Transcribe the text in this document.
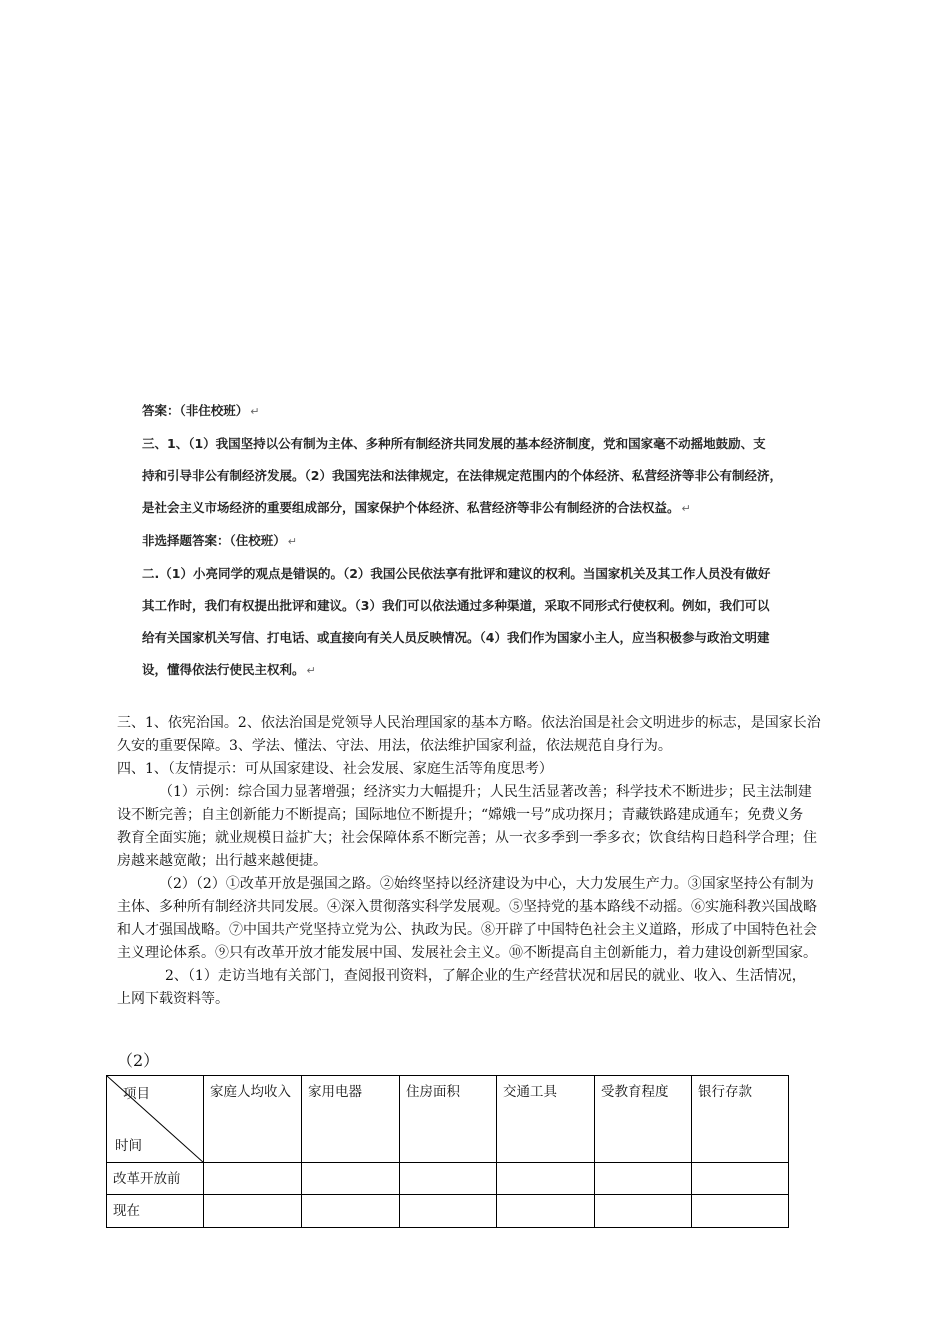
答案：（非住校班） ↵

三、1、（1）我国坚持以公有制为主体、多种所有制经济共同发展的基本经济制度，党和国家毫不动摇地鼓励、支

持和引导非公有制经济发展。（2）我国宪法和法律规定，在法律规定范围内的个体经济、私营经济等非公有制经济，

是社会主义市场经济的重要组成部分，国家保护个体经济、私营经济等非公有制经济的合法权益。 ↵

非选择题答案：（住校班） ↵

二.（1）小亮同学的观点是错误的。（2）我国公民依法享有批评和建议的权利。当国家机关及其工作人员没有做好

其工作时，我们有权提出批评和建议。（3）我们可以依法通过多种渠道，采取不同形式行使权利。例如，我们可以

给有关国家机关写信、打电话、或直接向有关人员反映情况。（4）我们作为国家小主人，应当积极参与政治文明建

设，懂得依法行使民主权利。 ↵

三、1、依宪治国。2、依法治国是党领导人民治理国家的基本方略。依法治国是社会文明进步的标志，是国家长治

久安的重要保障。3、学法、懂法、守法、用法，依法维护国家利益，依法规范自身行为。

四、1、（友情提示：可从国家建设、社会发展、家庭生活等角度思考）

（1）示例：综合国力显著增强；经济实力大幅提升；人民生活显著改善；科学技术不断进步；民主法制建

设不断完善；自主创新能力不断提高；国际地位不断提升；“嫦娥一号”成功探月；青藏铁路建成通车；免费义务

教育全面实施；就业规模日益扩大；社会保障体系不断完善；从一衣多季到一季多衣；饮食结构日趋科学合理；住

房越来越宽敞；出行越来越便捷。

（2）（2）①改革开放是强国之路。②始终坚持以经济建设为中心，大力发展生产力。③国家坚持公有制为

主体、多种所有制经济共同发展。④深入贯彻落实科学发展观。⑤坚持党的基本路线不动摇。⑥实施科教兴国战略

和人才强国战略。⑦中国共产党坚持立党为公、执政为民。⑧开辟了中国特色社会主义道路，形成了中国特色社会

主义理论体系。⑨只有改革开放才能发展中国、发展社会主义。⑩不断提高自主创新能力，着力建设创新型国家。

2、（1）走访当地有关部门，查阅报刊资料，了解企业的生产经营状况和居民的就业、收入、生活情况，

上网下载资料等。

（2）
项目
时间	家庭人均收入	家用电器	住房面积	交通工具	受教育程度	银行存款

改革开放前						
现在						
